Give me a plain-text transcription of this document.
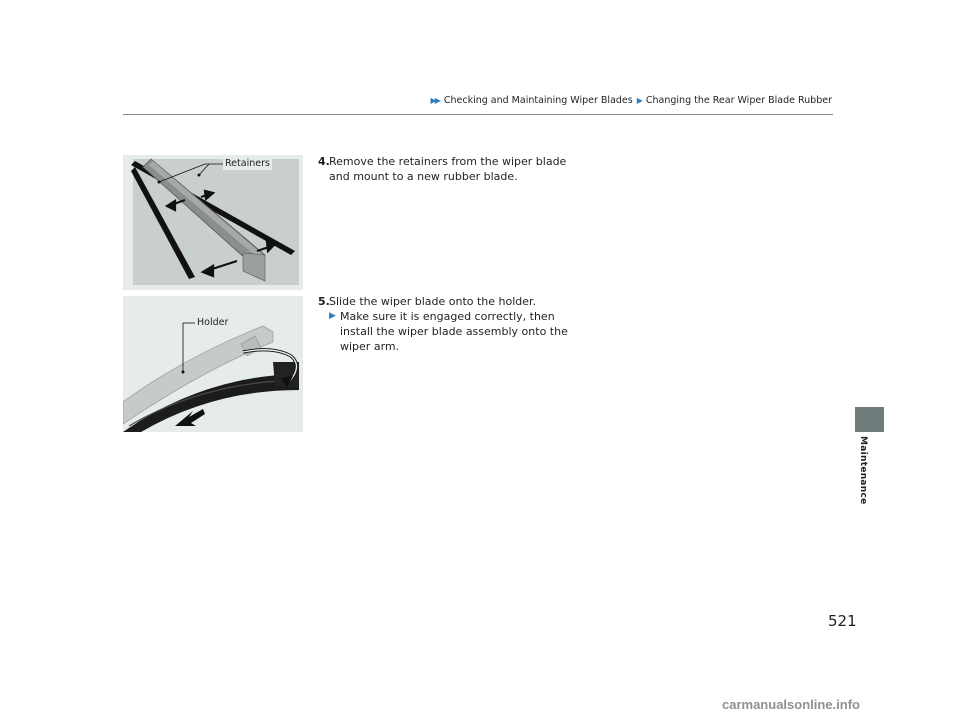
▶▶ Checking and Maintaining Wiper Blades ▶ Changing the Rear Wiper Blade Rubber
Retainers
Holder
4. Remove the retainers from the wiper blade and mount to a new rubber blade.
5. Slide the wiper blade onto the holder.
▶ Make sure it is engaged correctly, then install the wiper blade assembly onto the wiper arm.
Maintenance
521
carmanualsonline.info
